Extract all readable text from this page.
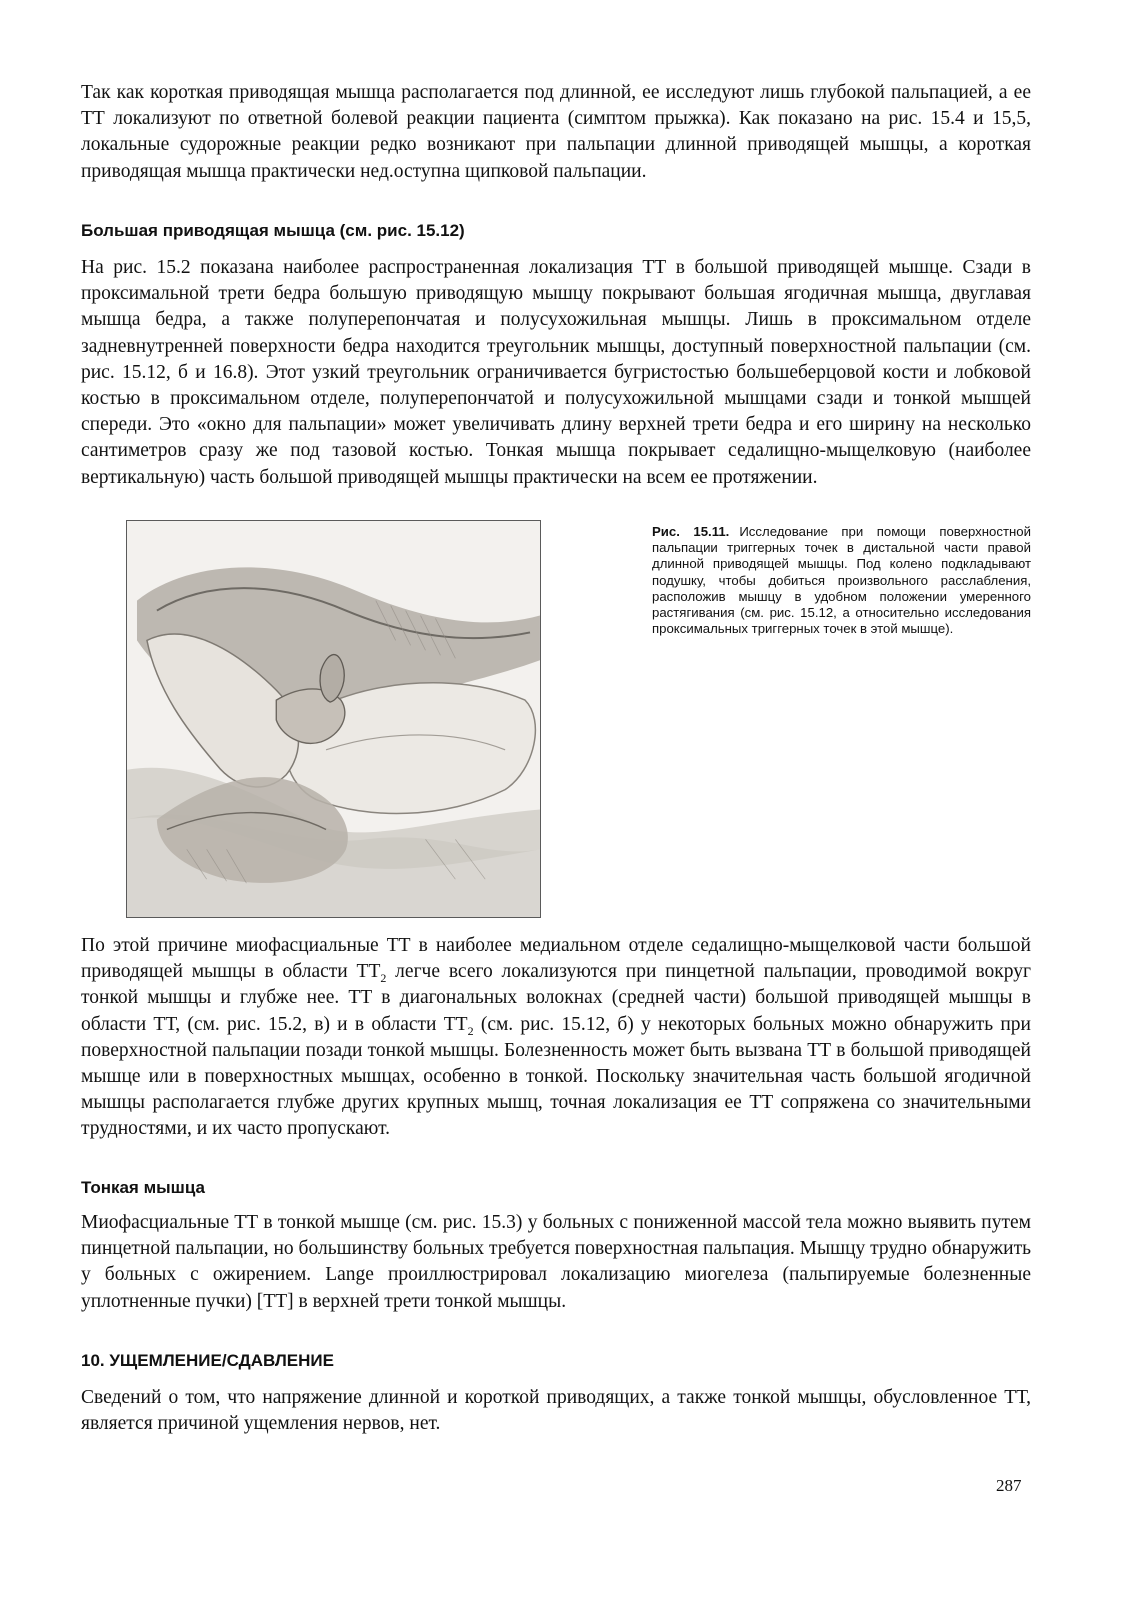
Так как короткая приводящая мышца располагается под длинной, ее исследуют лишь глубокой пальпацией, а ее ТТ локализуют по ответной болевой реакции пациента (симптом прыжка). Как показано на рис. 15.4 и 15,5, локальные судорожные реакции редко возникают при пальпации длинной приводящей мышцы, а короткая приводящая мышца практически нед.оступна щипковой пальпации.

Большая приводящая мышца (см. рис. 15.12)

На рис. 15.2 показана наиболее распространенная локализация ТТ в большой приводящей мышце. Сзади в проксимальной трети бедра большую приводящую мышцу покрывают большая ягодичная мышца, двуглавая мышца бедра, а также полуперепончатая и полусухожильная мышцы. Лишь в проксимальном отделе задневнутренней поверхности бедра находится треугольник мышцы, доступный поверхностной пальпации (см. рис. 15.12, б и 16.8). Этот узкий треугольник ограничивается бугристостью большеберцовой кости и лобковой костью в проксимальном отделе, полуперепончатой и полусухожильной мышцами сзади и тонкой мышцей спереди. Это «окно для пальпации» может увеличивать длину верхней трети бедра и его ширину на несколько сантиметров сразу же под тазовой костью. Тонкая мышца покрывает седалищно-мыщелковую (наиболее вертикальную) часть большой приводящей мышцы практически на всем ее протяжении.

Рис. 15.11. Исследование при помощи поверхностной пальпации триггерных точек в дистальной части правой длинной приводящей мышцы. Под колено подкладывают подушку, чтобы добиться произвольного расслабления, расположив мышцу в удобном положении умеренного растягивания (см. рис. 15.12, а относительно исследования проксимальных триггерных точек в этой мышце).

По этой причине миофасциальные ТТ в наиболее медиальном отделе седалищно-мыщелковой части большой приводящей мышцы в области $ТТ_2$ легче всего локализуются при пинцетной пальпации, проводимой вокруг тонкой мышцы и глубже нее. ТТ в диагональных волокнах (средней части) большой приводящей мышцы в области ТТ, (см. рис. 15.2, в) и в области $ТТ_2$ (см. рис. 15.12, б) у некоторых больных можно обнаружить при поверхностной пальпации позади тонкой мышцы. Болезненность может быть вызвана ТТ в большой приводящей мышце или в поверхностных мышцах, особенно в тонкой. Поскольку значительная часть большой ягодичной мышцы располагается глубже других крупных мышц, точная локализация ее ТТ сопряжена со значительными трудностями, и их часто пропускают.

Тонкая мышца

Миофасциальные ТТ в тонкой мышце (см. рис. 15.3) у больных с пониженной массой тела можно выявить путем пинцетной пальпации, но большинству больных требуется поверхностная пальпация. Мышцу трудно обнаружить у больных с ожирением. Lange проиллюстрировал локализацию миогелеза (пальпируемые болезненные уплотненные пучки) [ТТ] в верхней трети тонкой мышцы.

10. УЩЕМЛЕНИЕ/СДАВЛЕНИЕ

Сведений о том, что напряжение длинной и короткой приводящих, а также тонкой мышцы, обусловленное ТТ, является причиной ущемления нервов, нет.

287
